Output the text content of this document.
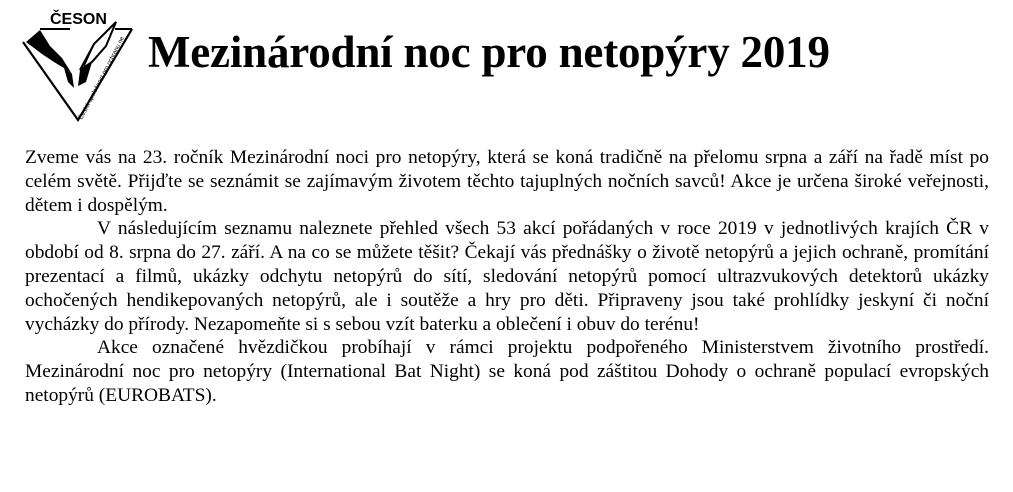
ČESON
Česká společnost pro ochranu ne Mezinárodní noc pro netopýry 2019

Zveme vás na 23. ročník Mezinárodní noci pro netopýry, která se koná tradičně na přelomu srpna a září na řadě míst po celém světě. Přijďte se seznámit se zajímavým životem těchto tajuplných nočních savců! Akce je určena široké veřejnosti, dětem i dospělým.

V následujícím seznamu naleznete přehled všech 53 akcí pořádaných v roce 2019 v jednotlivých krajích ČR v období od 8. srpna do 27. září. A na co se můžete těšit? Čekají vás přednášky o životě netopýrů a jejich ochraně, promítání prezentací a filmů, ukázky odchytu netopýrů do sítí, sledování netopýrů pomocí ultrazvukových detektorů ukázky ochočených hendikepovaných netopýrů, ale i soutěže a hry pro děti. Připraveny jsou také prohlídky jeskyní či noční vycházky do přírody. Nezapomeňte si s sebou vzít baterku a oblečení i obuv do terénu!

Akce označené hvězdičkou probíhají v rámci projektu podpořeného Ministerstvem životního prostředí. Mezinárodní noc pro netopýry (International Bat Night) se koná pod záštitou Dohody o ochraně populací evropských netopýrů (EUROBATS).
